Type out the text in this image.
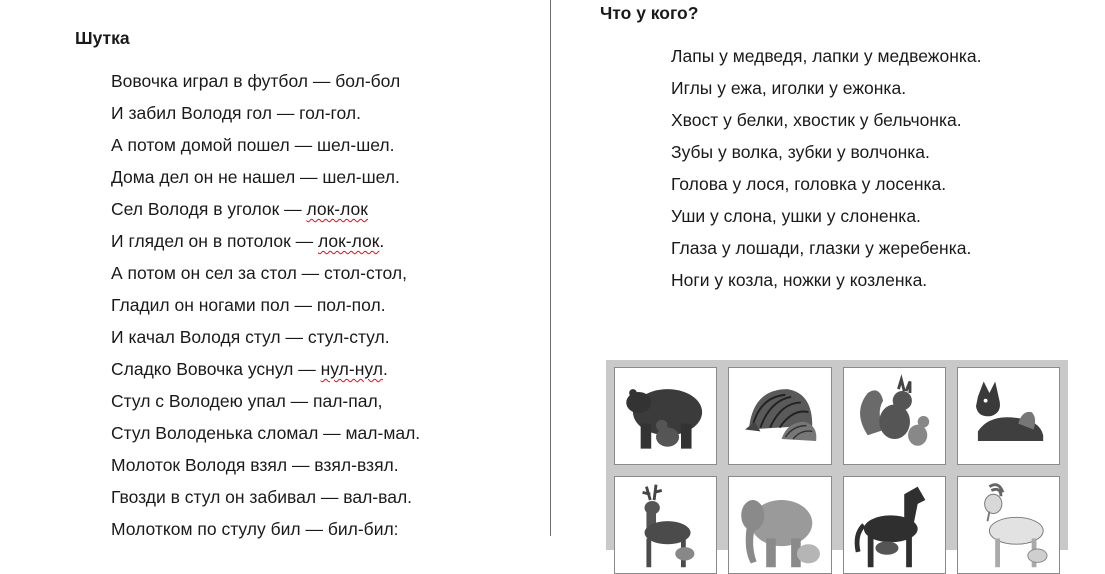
Шутка
Вовочка играл в футбол — бол-бол
И забил Володя гол — гол-гол.
А потом домой пошел — шел-шел.
Дома дел он не нашел — шел-шел.
Сел Володя в уголок — лок-лок
И глядел он в потолок — лок-лок.
А потом он сел за стол — стол-стол,
Гладил он ногами пол — пол-пол.
И качал Володя стул — стул-стул.
Сладко Вовочка уснул — нул-нул.
Стул с Володею упал — пал-пал,
Стул Володенька сломал — мал-мал.
Молоток Володя взял — взял-взял.
Гвозди в стул он забивал — вал-вал.
Молотком по стулу бил — бил-бил:
Что у кого?
Лапы у медведя, лапки у медвежонка.
Иглы у ежа, иголки у ежонка.
Хвост у белки, хвостик у бельчонка.
Зубы у волка, зубки у волчонка.
Голова у лося, головка у лосенка.
Уши у слона, ушки у слоненка.
Глаза у лошади, глазки у жеребенка.
Ноги у козла, ножки у козленка.
